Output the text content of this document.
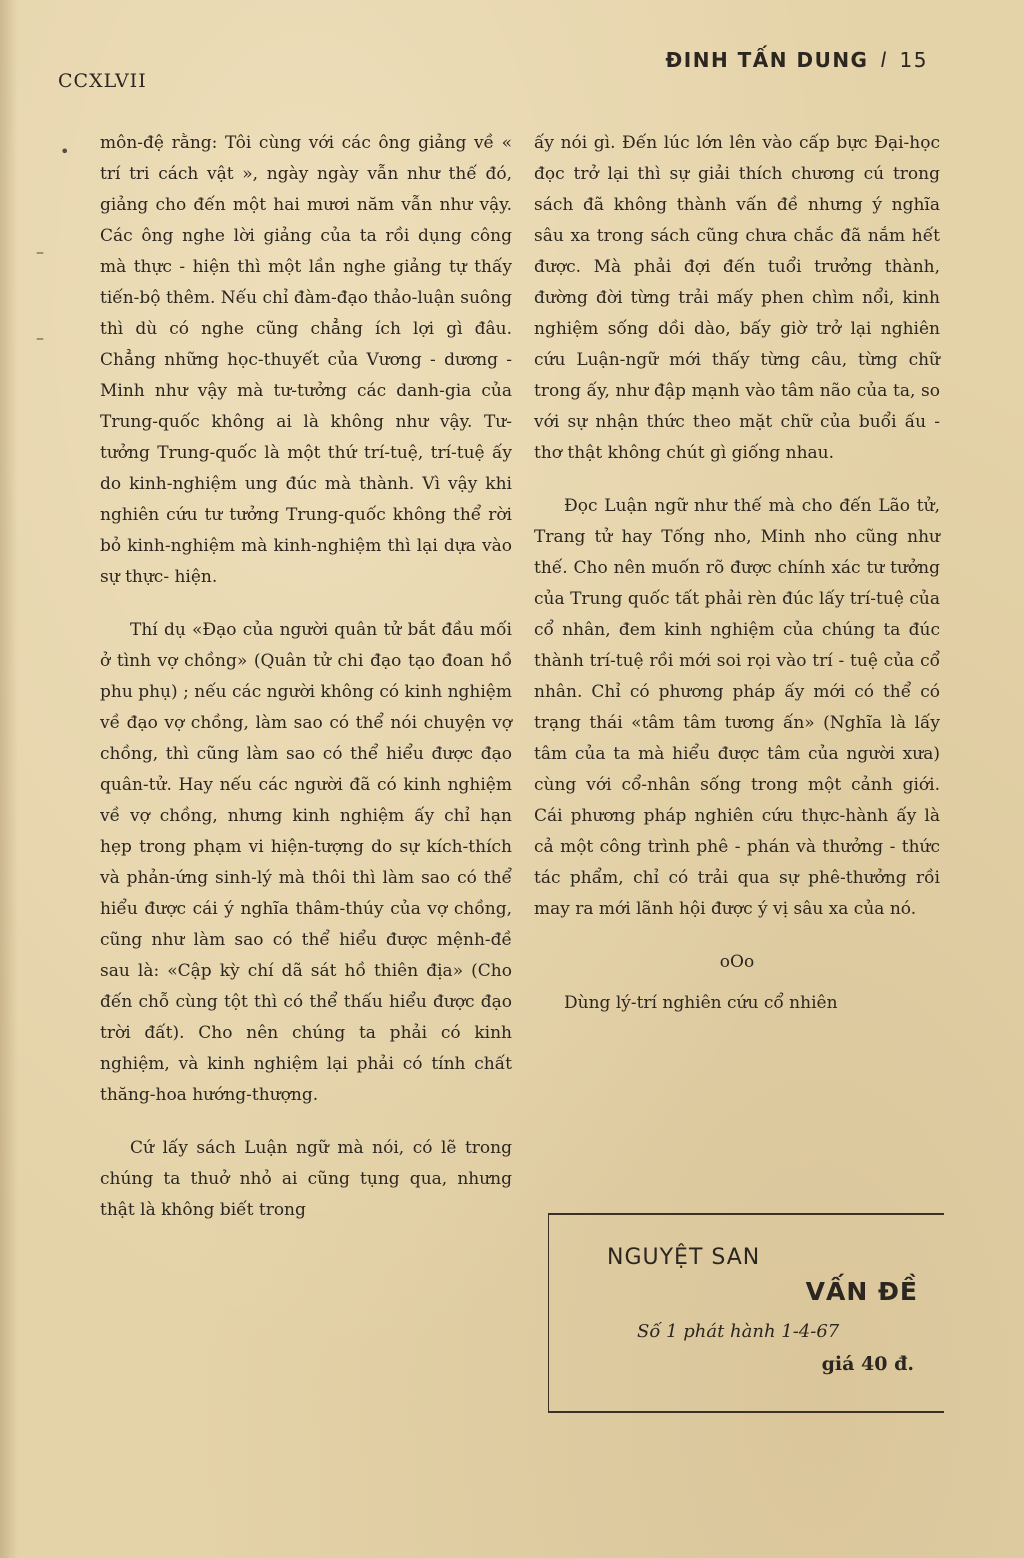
•
–
–
CCXLVII
ĐINH TẤN DUNG l 15

môn-đệ rằng: Tôi cùng với các ông giảng về « trí tri cách vật », ngày ngày vẫn như thế đó, giảng cho đến một hai mươi năm vẫn như vậy. Các ông nghe lời giảng của ta rồi dụng công mà thực - hiện thì một lần nghe giảng tự thấy tiến-bộ thêm. Nếu chỉ đàm-đạo thảo-luận suông thì dù có nghe cũng chẳng ích lợi gì đâu. Chẳng những học-thuyết của Vương - dương - Minh như vậy mà tư-tưởng các danh-gia của Trung-quốc không ai là không như vậy. Tư-tưởng Trung-quốc là một thứ trí-tuệ, trí-tuệ ấy do kinh-nghiệm ung đúc mà thành. Vì vậy khi nghiên cứu tư tưởng Trung-quốc không thể rời bỏ kinh-nghiệm mà kinh-nghiệm thì lại dựa vào sự thực- hiện.

Thí dụ «Đạo của người quân tử bắt đầu mối ở tình vợ chồng» (Quân tử chi đạo tạo đoan hồ phu phụ) ; nếu các người không có kinh nghiệm về đạo vợ chồng, làm sao có thể nói chuyện vợ chồng, thì cũng làm sao có thể hiểu được đạo quân-tử. Hay nếu các người đã có kinh nghiệm về vợ chồng, nhưng kinh nghiệm ấy chỉ hạn hẹp trong phạm vi hiện-tượng do sự kích-thích và phản-ứng sinh-lý mà thôi thì làm sao có thể hiểu được cái ý nghĩa thâm-thúy của vợ chồng, cũng như làm sao có thể hiểu được mệnh-đề sau là: «Cập kỳ chí dã sát hồ thiên địa» (Cho đến chỗ cùng tột thì có thể thấu hiểu được đạo trời đất). Cho nên chúng ta phải có kinh nghiệm, và kinh nghiệm lại phải có tính chất thăng-hoa hướng-thượng.

Cứ lấy sách Luận ngữ mà nói, có lẽ trong chúng ta thuở nhỏ ai cũng tụng qua, nhưng thật là không biết trong

ấy nói gì. Đến lúc lớn lên vào cấp bực Đại-học đọc trở lại thì sự giải thích chương cú trong sách đã không thành vấn đề nhưng ý nghĩa sâu xa trong sách cũng chưa chắc đã nắm hết được. Mà phải đợi đến tuổi trưởng thành, đường đời từng trải mấy phen chìm nổi, kinh nghiệm sống dồi dào, bấy giờ trở lại nghiên cứu Luận-ngữ mới thấy từng câu, từng chữ trong ấy, như đập mạnh vào tâm não của ta, so với sự nhận thức theo mặt chữ của buổi ấu - thơ thật không chút gì giống nhau.

Đọc Luận ngữ như thế mà cho đến Lão tử, Trang tử hay Tống nho, Minh nho cũng như thế. Cho nên muốn rõ được chính xác tư tưởng của Trung quốc tất phải rèn đúc lấy trí-tuệ của cổ nhân, đem kinh nghiệm của chúng ta đúc thành trí-tuệ rồi mới soi rọi vào trí - tuệ của cổ nhân. Chỉ có phương pháp ấy mới có thể có trạng thái «tâm tâm tương ấn» (Nghĩa là lấy tâm của ta mà hiểu được tâm của người xưa) cùng với cổ-nhân sống trong một cảnh giới. Cái phương pháp nghiên cứu thực-hành ấy là cả một công trình phê - phán và thưởng - thức tác phẩm, chỉ có trải qua sự phê-thưởng rồi may ra mới lãnh hội được ý vị sâu xa của nó.

oOo

Dùng lý-trí nghiên cứu cổ nhiên

NGUYỆT SAN
VẤN ĐỀ
Số 1 phát hành 1-4-67
giá 40 đ.
